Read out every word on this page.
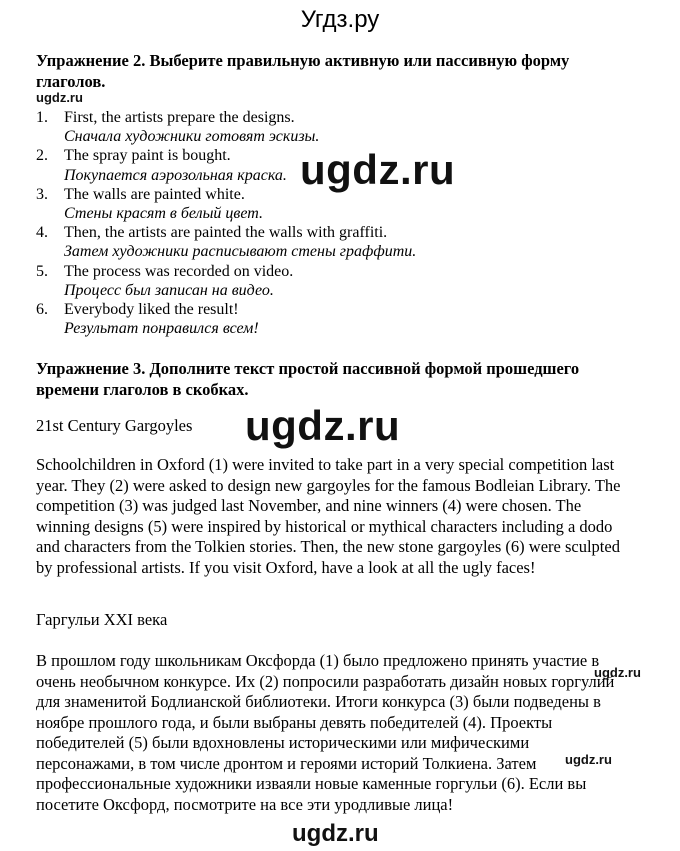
Угдз.ру
Упражнение 2. Выберите правильную активную или пассивную форму глаголов.
ugdz.ru
1. First, the artists prepare the designs.
Сначала художники готовят эскизы.
2. The spray paint is bought.
Покупается аэрозольная краска.
3. The walls are painted white.
Стены красят в белый цвет.
4. Then, the artists are painted the walls with graffiti.
Затем художники расписывают стены граффити.
5. The process was recorded on video.
Процесс был записан на видео.
6. Everybody liked the result!
Результат понравился всем!
ugdz.ru
Упражнение 3. Дополните текст простой пассивной формой прошедшего времени глаголов в скобках.
21st Century Gargoyles ugdz.ru
Schoolchildren in Oxford (1) were invited to take part in a very special competition last year. They (2) were asked to design new gargoyles for the famous Bodleian Library. The competition (3) was judged last November, and nine winners (4) were chosen. The winning designs (5) were inspired by historical or mythical characters including a dodo and characters from the Tolkien stories. Then, the new stone gargoyles (6) were sculpted by professional artists. If you visit Oxford, have a look at all the ugly faces!
Гаргульи XXI века
В прошлом году школьникам Оксфорда (1) было предложено принять участие в очень необычном конкурсе. Их (2) попросили разработать дизайн новых горгулий для знаменитой Бодлианской библиотеки. Итоги конкурса (3) были подведены в ноябре прошлого года, и были выбраны девять победителей (4). Проекты победителей (5) были вдохновлены историческими или мифическими персонажами, в том числе дронтом и героями историй Толкиена. Затем профессиональные художники изваяли новые каменные горгульи (6). Если вы посетите Оксфорд, посмотрите на все эти уродливые лица!
ugdz.ru
ugdz.ru
ugdz.ru
